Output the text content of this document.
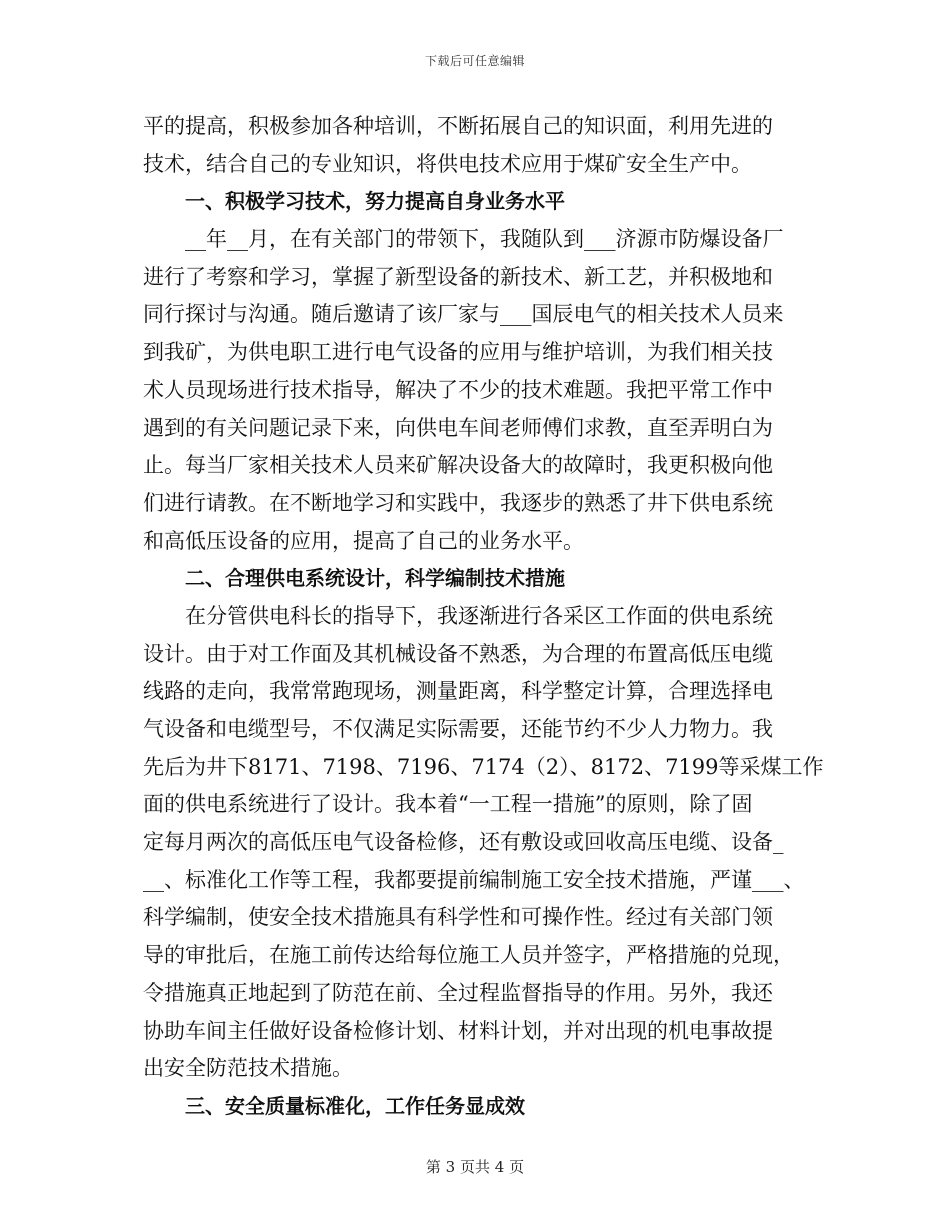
下载后可任意编辑
平的提高，积极参加各种培训，不断拓展自己的知识面，利用先进的
技术，结合自己的专业知识，将供电技术应用于煤矿安全生产中。
一、积极学习技术，努力提高自身业务水平
__年__月，在有关部门的带领下，我随队到___济源市防爆设备厂
进行了考察和学习，掌握了新型设备的新技术、新工艺，并积极地和
同行探讨与沟通。随后邀请了该厂家与___国辰电气的相关技术人员来
到我矿，为供电职工进行电气设备的应用与维护培训，为我们相关技
术人员现场进行技术指导，解决了不少的技术难题。我把平常工作中
遇到的有关问题记录下来，向供电车间老师傅们求教，直至弄明白为
止。每当厂家相关技术人员来矿解决设备大的故障时，我更积极向他
们进行请教。在不断地学习和实践中，我逐步的熟悉了井下供电系统
和高低压设备的应用，提高了自己的业务水平。
二、合理供电系统设计，科学编制技术措施
在分管供电科长的指导下，我逐渐进行各采区工作面的供电系统
设计。由于对工作面及其机械设备不熟悉，为合理的布置高低压电缆
线路的走向，我常常跑现场，测量距离，科学整定计算，合理选择电
气设备和电缆型号，不仅满足实际需要，还能节约不少人力物力。我
先后为井下8171、7198、7196、7174（2）、8172、7199等采煤工作
面的供电系统进行了设计。我本着“一工程一措施”的原则，除了固
定每月两次的高低压电气设备检修，还有敷设或回收高压电缆、设备_
__、标准化工作等工程，我都要提前编制施工安全技术措施，严谨___、
科学编制，使安全技术措施具有科学性和可操作性。经过有关部门领
导的审批后，在施工前传达给每位施工人员并签字，严格措施的兑现，
令措施真正地起到了防范在前、全过程监督指导的作用。另外，我还
协助车间主任做好设备检修计划、材料计划，并对出现的机电事故提
出安全防范技术措施。
三、安全质量标准化，工作任务显成效
第 3 页共 4 页
